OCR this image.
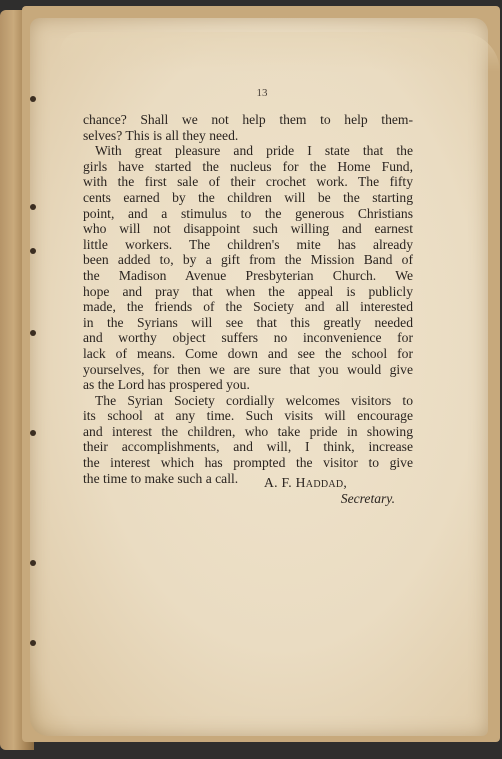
13
chance? Shall we not help them to help them-
selves? This is all they need.
With great pleasure and pride I state that the
girls have started the nucleus for the Home Fund,
with the first sale of their crochet work. The fifty
cents earned by the children will be the starting
point, and a stimulus to the generous Christians
who will not disappoint such willing and earnest
little workers. The children's mite has already
been added to, by a gift from the Mission Band of
the Madison Avenue Presbyterian Church. We
hope and pray that when the appeal is publicly
made, the friends of the Society and all interested
in the Syrians will see that this greatly needed
and worthy object suffers no inconvenience for
lack of means. Come down and see the school for
yourselves, for then we are sure that you would give
as the Lord has prospered you.
The Syrian Society cordially welcomes visitors to
its school at any time. Such visits will encourage
and interest the children, who take pride in showing
their accomplishments, and will, I think, increase
the interest which has prompted the visitor to give
the time to make such a call.	A. F. Haddad,
Secretary.
